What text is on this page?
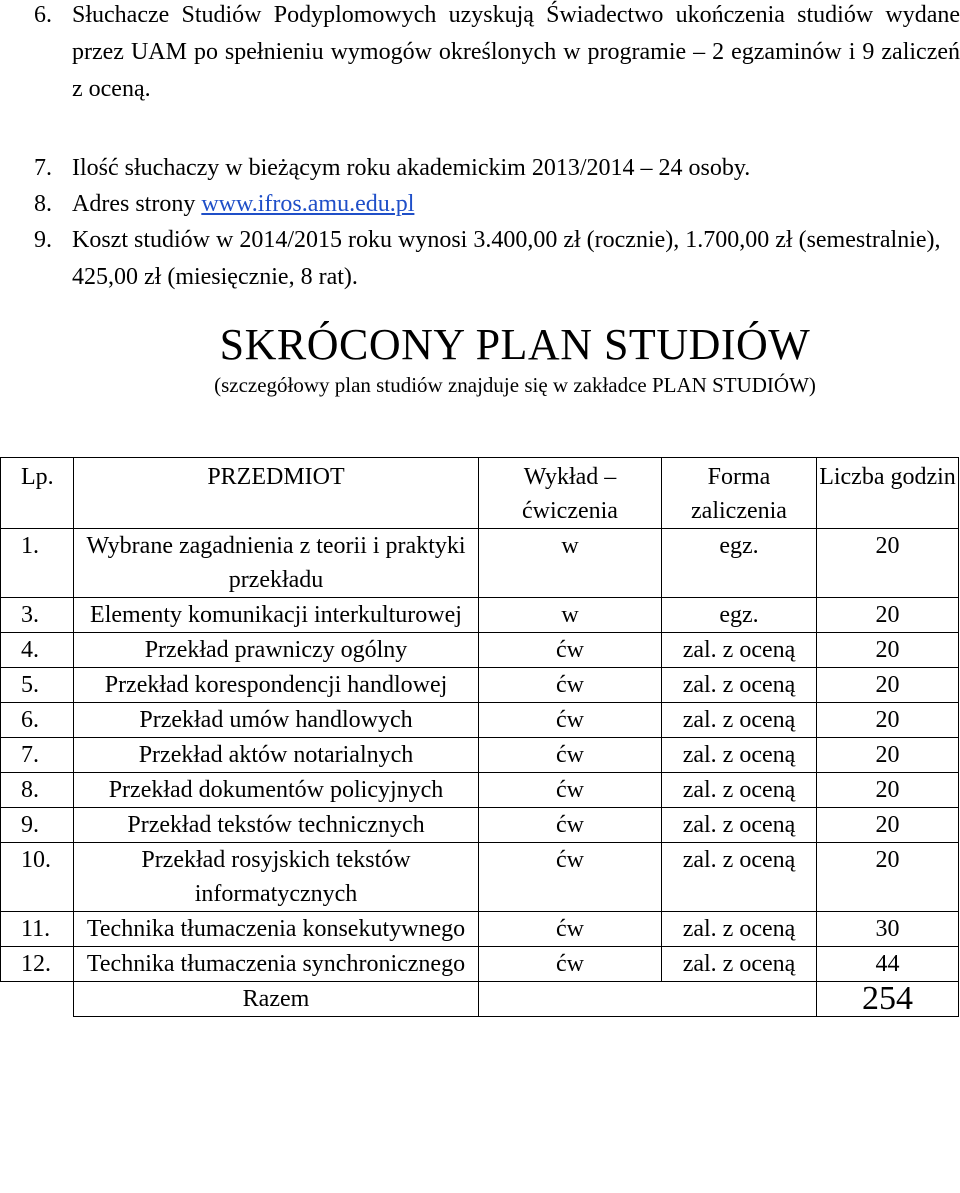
6. Słuchacze Studiów Podyplomowych uzyskują Świadectwo ukończenia studiów wydane przez UAM po spełnieniu wymogów określonych w programie – 2 egzaminów i 9 zaliczeń z oceną.
7. Ilość słuchaczy w bieżącym roku akademickim 2013/2014 – 24 osoby.
8. Adres strony www.ifros.amu.edu.pl
9. Koszt studiów w 2014/2015 roku wynosi 3.400,00 zł (rocznie), 1.700,00 zł (semestralnie), 425,00 zł (miesięcznie, 8 rat).
SKRÓCONY PLAN STUDIÓW
(szczegółowy plan studiów znajduje się w zakładce PLAN STUDIÓW)
Lp.	PRZEDMIOT	Wykład – ćwiczenia	Forma zaliczenia	Liczba godzin
1.	Wybrane zagadnienia z teorii i praktyki przekładu	w	egz.	20
3.	Elementy komunikacji interkulturowej	w	egz.	20
4.	Przekład prawniczy ogólny	ćw	zal. z oceną	20
5.	Przekład korespondencji handlowej	ćw	zal. z oceną	20
6.	Przekład umów handlowych	ćw	zal. z oceną	20
7.	Przekład aktów notarialnych	ćw	zal. z oceną	20
8.	Przekład dokumentów policyjnych	ćw	zal. z oceną	20
9.	Przekład tekstów technicznych	ćw	zal. z oceną	20
10.	Przekład rosyjskich tekstów informatycznych	ćw	zal. z oceną	20
11.	Technika tłumaczenia konsekutywnego	ćw	zal. z oceną	30
12.	Technika tłumaczenia synchronicznego	ćw	zal. z oceną	44
	Razem			254
